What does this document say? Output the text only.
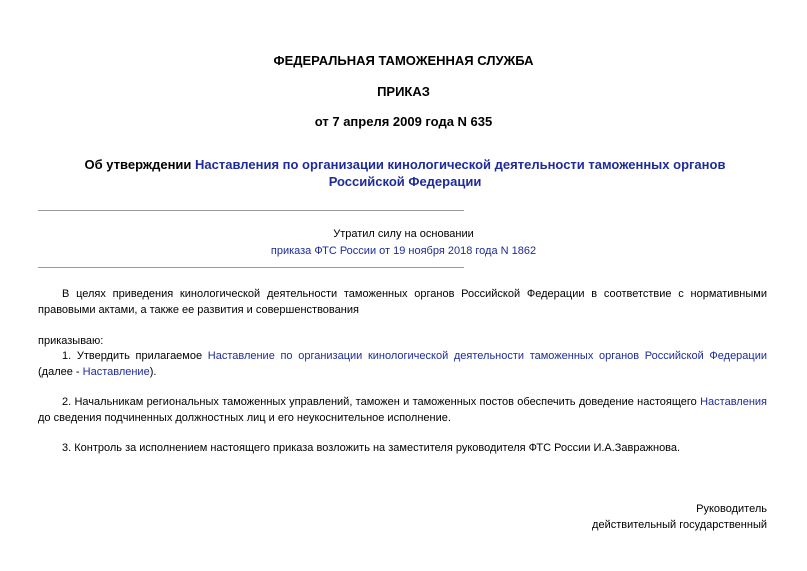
ФЕДЕРАЛЬНАЯ ТАМОЖЕННАЯ СЛУЖБА
ПРИКАЗ
от 7 апреля 2009 года N 635
Об утверждении Наставления по организации кинологической деятельности таможенных органов Российской Федерации
Утратил силу на основании
приказа ФТС России от 19 ноября 2018 года N 1862
В целях приведения кинологической деятельности таможенных органов Российской Федерации в соответствие с нормативными правовыми актами, а также ее развития и совершенствования
приказываю:
1. Утвердить прилагаемое Наставление по организации кинологической деятельности таможенных органов Российской Федерации (далее - Наставление).
2. Начальникам региональных таможенных управлений, таможен и таможенных постов обеспечить доведение настоящего Наставления до сведения подчиненных должностных лиц и его неукоснительное исполнение.
3. Контроль за исполнением настоящего приказа возложить на заместителя руководителя ФТС России И.А.Завражнова.
Руководитель
действительный государственный
